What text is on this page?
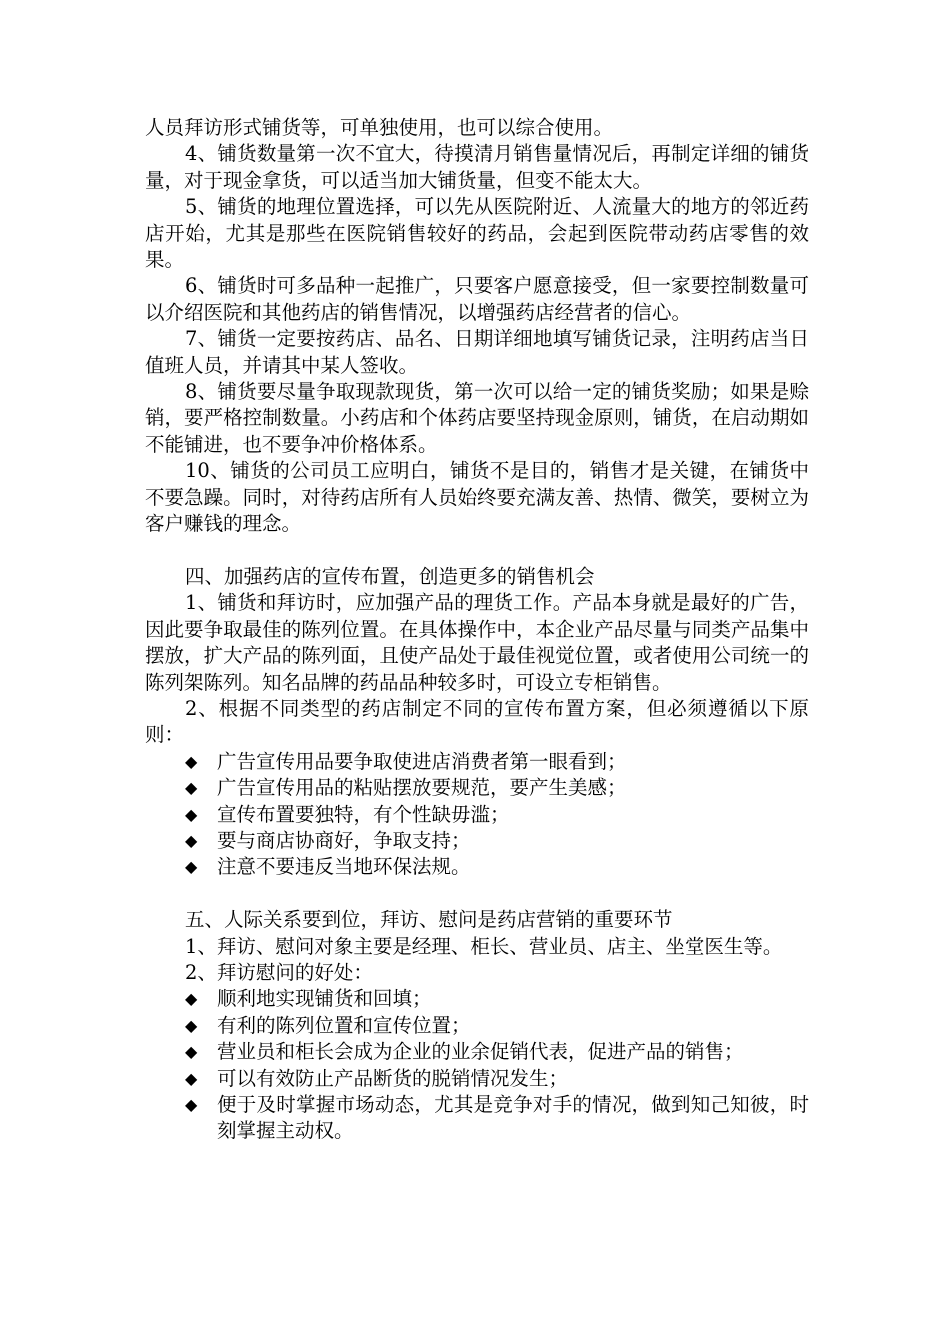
人员拜访形式铺货等，可单独使用，也可以综合使用。

4、铺货数量第一次不宜大，待摸清月销售量情况后，再制定详细的铺货量，对于现金拿货，可以适当加大铺货量，但变不能太大。

5、铺货的地理位置选择，可以先从医院附近、人流量大的地方的邻近药店开始，尤其是那些在医院销售较好的药品，会起到医院带动药店零售的效果。

6、铺货时可多品种一起推广，只要客户愿意接受，但一家要控制数量可以介绍医院和其他药店的销售情况，以增强药店经营者的信心。

7、铺货一定要按药店、品名、日期详细地填写铺货记录，注明药店当日值班人员，并请其中某人签收。

8、铺货要尽量争取现款现货，第一次可以给一定的铺货奖励；如果是赊销，要严格控制数量。小药店和个体药店要坚持现金原则，铺货，在启动期如不能铺进，也不要争冲价格体系。

10、铺货的公司员工应明白，铺货不是目的，销售才是关键，在铺货中不要急躁。同时，对待药店所有人员始终要充满友善、热情、微笑，要树立为客户赚钱的理念。

四、加强药店的宣传布置，创造更多的销售机会

1、铺货和拜访时，应加强产品的理货工作。产品本身就是最好的广告，因此要争取最佳的陈列位置。在具体操作中，本企业产品尽量与同类产品集中摆放，扩大产品的陈列面，且使产品处于最佳视觉位置，或者使用公司统一的陈列架陈列。知名品牌的药品品种较多时，可设立专柜销售。

2、根据不同类型的药店制定不同的宣传布置方案，但必须遵循以下原则：

◆ 广告宣传用品要争取使进店消费者第一眼看到；
◆ 广告宣传用品的粘贴摆放要规范，要产生美感；
◆ 宣传布置要独特，有个性缺毋滥；
◆ 要与商店协商好，争取支持；
◆ 注意不要违反当地环保法规。

五、人际关系要到位，拜访、慰问是药店营销的重要环节

1、拜访、慰问对象主要是经理、柜长、营业员、店主、坐堂医生等。

2、拜访慰问的好处：

◆ 顺利地实现铺货和回填；
◆ 有利的陈列位置和宣传位置；
◆ 营业员和柜长会成为企业的业余促销代表，促进产品的销售；
◆ 可以有效防止产品断货的脱销情况发生；
◆ 便于及时掌握市场动态，尤其是竞争对手的情况，做到知己知彼，时刻掌握主动权。
